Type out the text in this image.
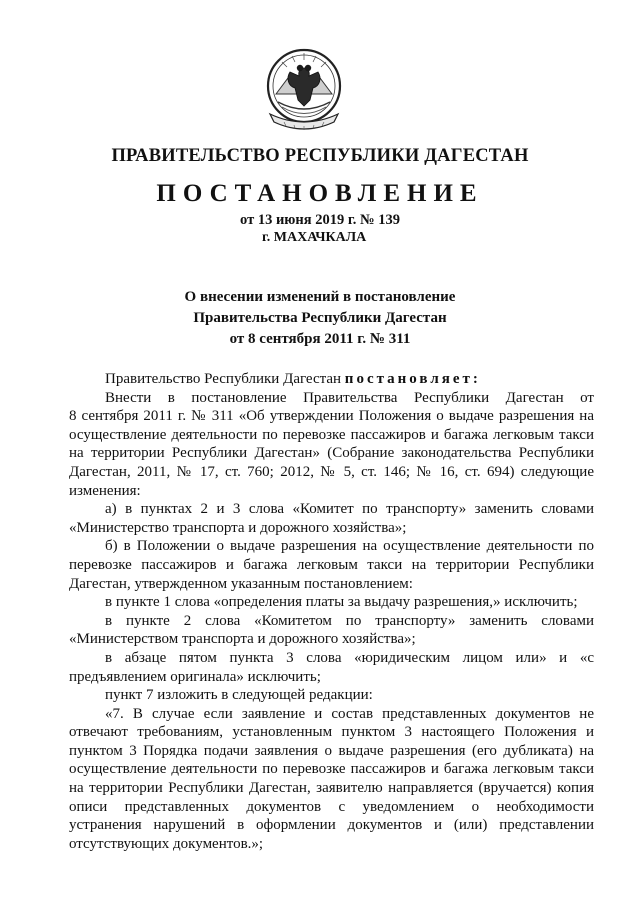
ПРАВИТЕЛЬСТВО РЕСПУБЛИКИ ДАГЕСТАН
ПОСТАНОВЛЕНИЕ
от 13 июня 2019 г. № 139
г. МАХАЧКАЛА
О внесении изменений в постановление
Правительства Республики Дагестан
от 8 сентября 2011 г. № 311
Правительство Республики Дагестан постановляет:
Внести в постановление Правительства Республики Дагестан от
8 сентября 2011 г. № 311 «Об утверждении Положения о выдаче разрешения на
осуществление деятельности по перевозке пассажиров и багажа легковым такси
на территории Республики Дагестан» (Собрание законодательства Республики
Дагестан, 2011, № 17, ст. 760; 2012, № 5, ст. 146; № 16, ст. 694) следующие
изменения:
а) в пунктах 2 и 3 слова «Комитет по транспорту» заменить словами
«Министерство транспорта и дорожного хозяйства»;
б) в Положении о выдаче разрешения на осуществление деятельности по
перевозке пассажиров и багажа легковым такси на территории Республики
Дагестан, утвержденном указанным постановлением:
в пункте 1 слова «определения платы за выдачу разрешения,» исключить;
в пункте 2 слова «Комитетом по транспорту» заменить словами
«Министерством транспорта и дорожного хозяйства»;
в абзаце пятом пункта 3 слова «юридическим лицом или» и «с
предъявлением оригинала» исключить;
пункт 7 изложить в следующей редакции:
«7. В случае если заявление и состав представленных документов не
отвечают требованиям, установленным пунктом 3 настоящего Положения и
пунктом 3 Порядка подачи заявления о выдаче разрешения (его дубликата) на
осуществление деятельности по перевозке пассажиров и багажа легковым такси
на территории Республики Дагестан, заявителю направляется (вручается) копия
описи представленных документов с уведомлением о необходимости
устранения нарушений в оформлении документов и (или) представлении
отсутствующих документов.»;
